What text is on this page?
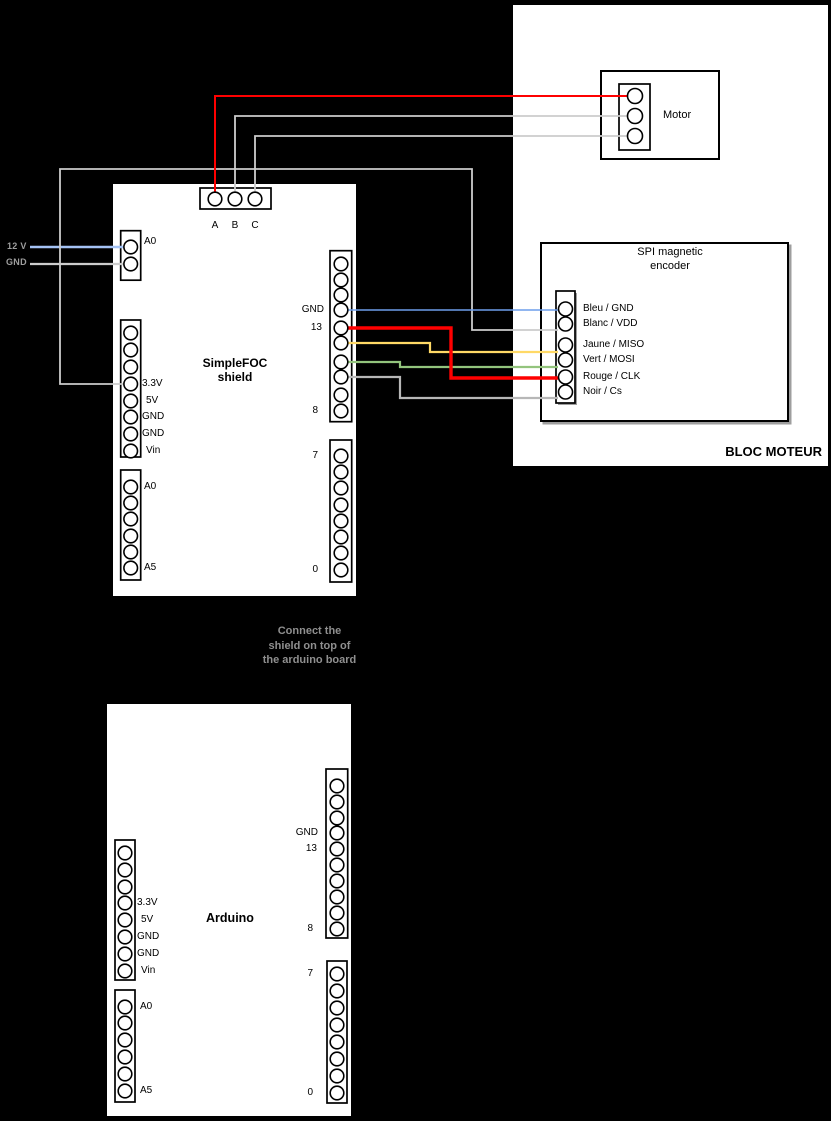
BLOC MOTEUR
Motor
SPI magnetic
encoder
SimpleFOC
shield
Arduino
Connect the
shield on top of
the arduino board
12 V
GND
A0
A	B	C
3.3V
5V
GND
GND
Vin
A0
A5
GND
13
8
7
0
Bleu / GND
Blanc / VDD
Jaune / MISO
Vert / MOSI
Rouge / CLK
Noir / Cs
3.3V
5V
GND
GND
Vin
A0
A5
GND
13
8
7
0
